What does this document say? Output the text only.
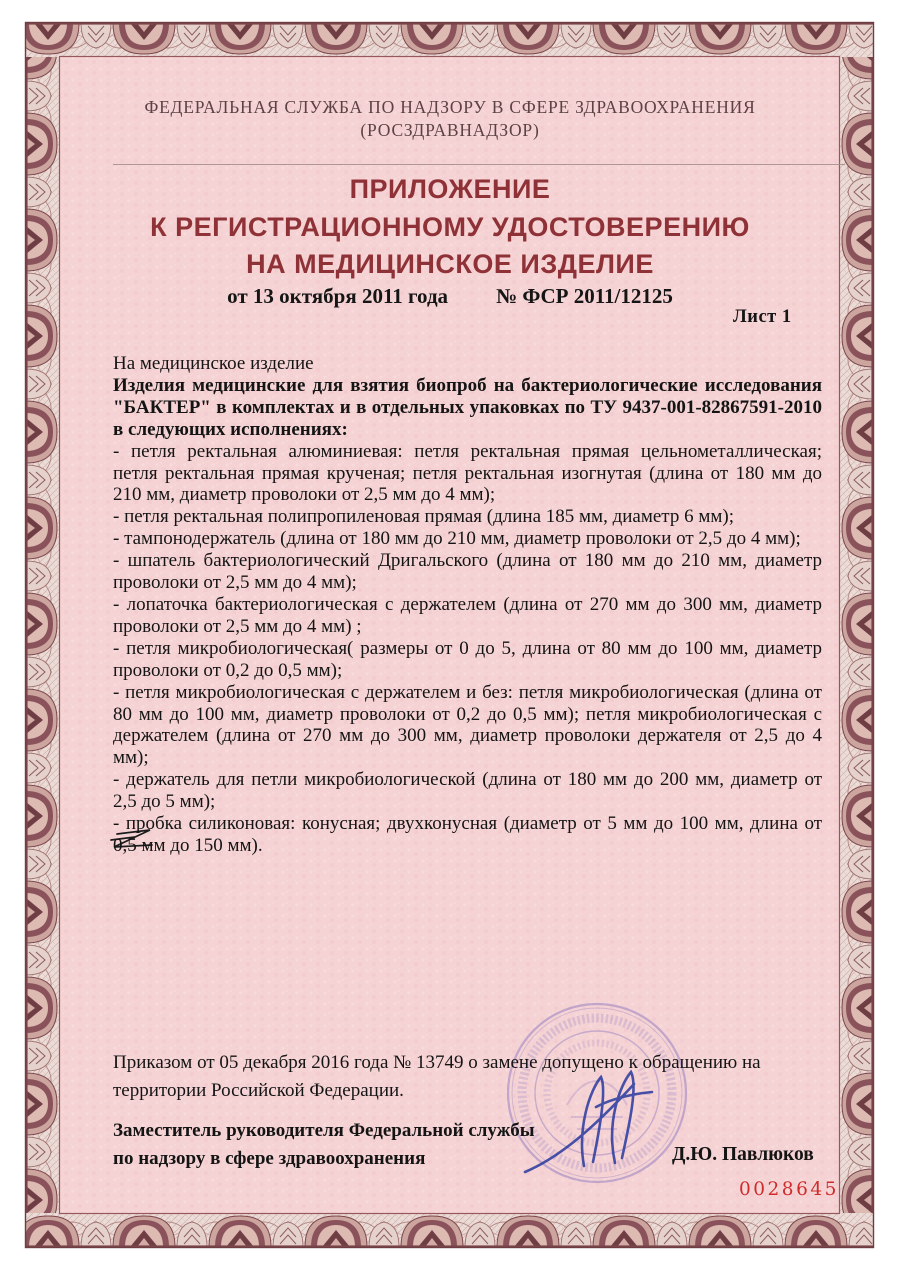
ФЕДЕРАЛЬНАЯ СЛУЖБА ПО НАДЗОРУ В СФЕРЕ ЗДРАВООХРАНЕНИЯ
(РОСЗДРАВНАДЗОР)
ПРИЛОЖЕНИЕ
К РЕГИСТРАЦИОННОМУ УДОСТОВЕРЕНИЮ
НА МЕДИЦИНСКОЕ ИЗДЕЛИЕ
от 13 октября 2011 года № ФСР 2011/12125
Лист 1

На медицинское изделие

Изделия медицинские для взятия биопроб на бактериологические исследования "БАКТЕР" в комплектах и в отдельных упаковках по ТУ 9437-001-82867591-2010 в следующих исполнениях:

- петля ректальная алюминиевая: петля ректальная прямая цельнометаллическая; петля ректальная прямая крученая; петля ректальная изогнутая (длина от 180 мм до 210 мм, диаметр проволоки от 2,5 мм до 4 мм);

- петля ректальная полипропиленовая прямая (длина 185 мм, диаметр 6 мм);

- тампонодержатель (длина от 180 мм до 210 мм, диаметр проволоки от 2,5 до 4 мм);

- шпатель бактериологический Дригальского (длина от 180 мм до 210 мм, диаметр проволоки от 2,5 мм до 4 мм);

- лопаточка бактериологическая с держателем (длина от 270 мм до 300 мм, диаметр проволоки от 2,5 мм до 4 мм) ;

- петля микробиологическая( размеры от 0 до 5, длина от 80 мм до 100 мм, диаметр проволоки от 0,2 до 0,5 мм);

- петля микробиологическая с держателем и без: петля микробиологическая (длина от 80 мм до 100 мм, диаметр проволоки от 0,2 до 0,5 мм); петля микробиологическая с держателем (длина от 270 мм до 300 мм, диаметр проволоки держателя от 2,5 до 4 мм);

- держатель для петли микробиологической (длина от 180 мм до 200 мм, диаметр от 2,5 до 5 мм);

- пробка силиконовая: конусная; двухконусная (диаметр от 5 мм до 100 мм, длина от 0,5 мм до 150 мм).

Приказом от 05 декабря 2016 года № 13749 о замене допущено к обращению на территории Российской Федерации.
Заместитель руководителя Федеральной службы
по надзору в сфере здравоохранения	Д.Ю. Павлюков
0028645
